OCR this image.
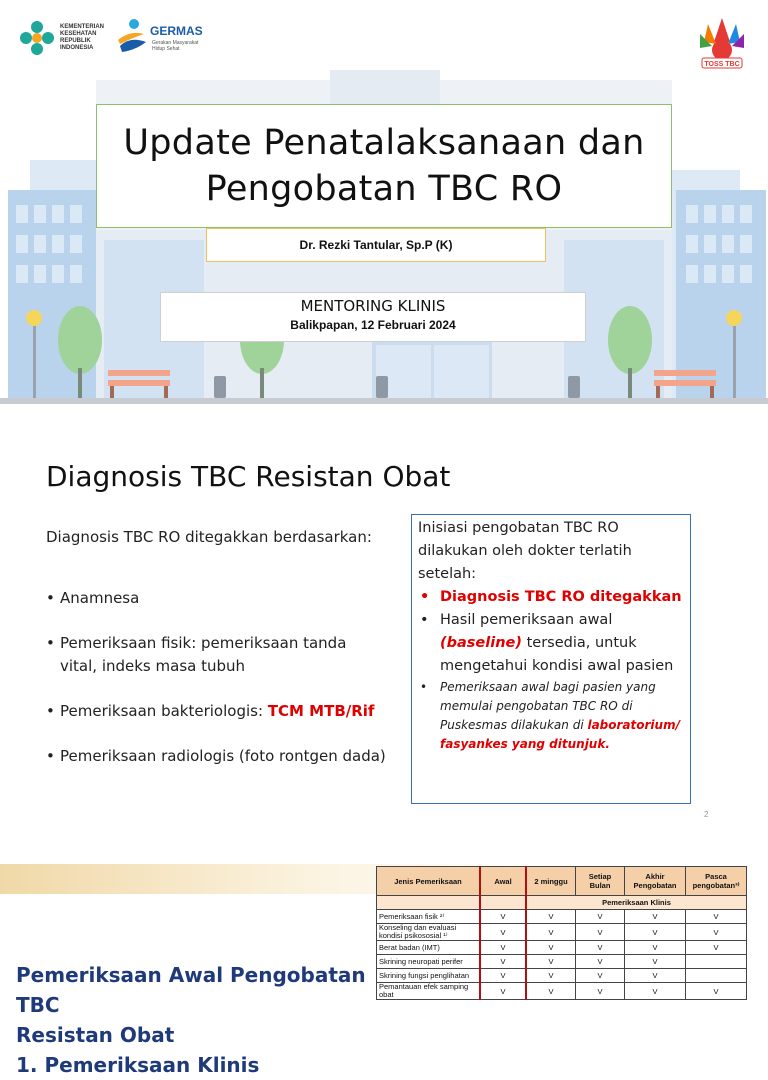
KEMENTERIAN
KESEHATAN
REPUBLIK
INDONESIA
GERMAS
Gerakan Masyarakat
Hidup Sehat
TOSS TBC
Update Penatalaksanaan dan Pengobatan TBC RO
Dr. Rezki Tantular, Sp.P (K)
MENTORING KLINIS
Balikpapan, 12 Februari 2024
Diagnosis TBC Resistan Obat
Diagnosis TBC RO ditegakkan berdasarkan:
• Anamnesa
• Pemeriksaan fisik: pemeriksaan tanda vital, indeks masa tubuh
• Pemeriksaan bakteriologis: TCM MTB/Rif
• Pemeriksaan radiologis (foto rontgen dada)
Inisiasi pengobatan TBC RO dilakukan oleh dokter terlatih setelah:
• Diagnosis TBC RO ditegakkan
• Hasil pemeriksaan awal (baseline) tersedia, untuk mengetahui kondisi awal pasien
• Pemeriksaan awal bagi pasien yang memulai pengobatan TBC RO di Puskesmas dilakukan di laboratorium/ fasyankes yang ditunjuk.
2
Pemeriksaan Awal Pengobatan TBC
Resistan Obat
1. Pemeriksaan Klinis
Jenis Pemeriksaan	Awal	2 minggu	Setiap Bulan	Akhir Pengobatan	Pasca pengobatan³⁾
		Pemeriksaan Klinis			
Pemeriksaan fisik ²⁾	V	V	V	V	V
Konseling dan evaluasi kondisi psikososial ¹⁾	V	V	V	V	V
Berat badan (IMT)	V	V	V	V	V
Skrining neuropati perifer	V	V	V	V	
Skrining fungsi penglihatan	V	V	V	V	
Pemantauan efek samping obat	V	V	V	V	V
